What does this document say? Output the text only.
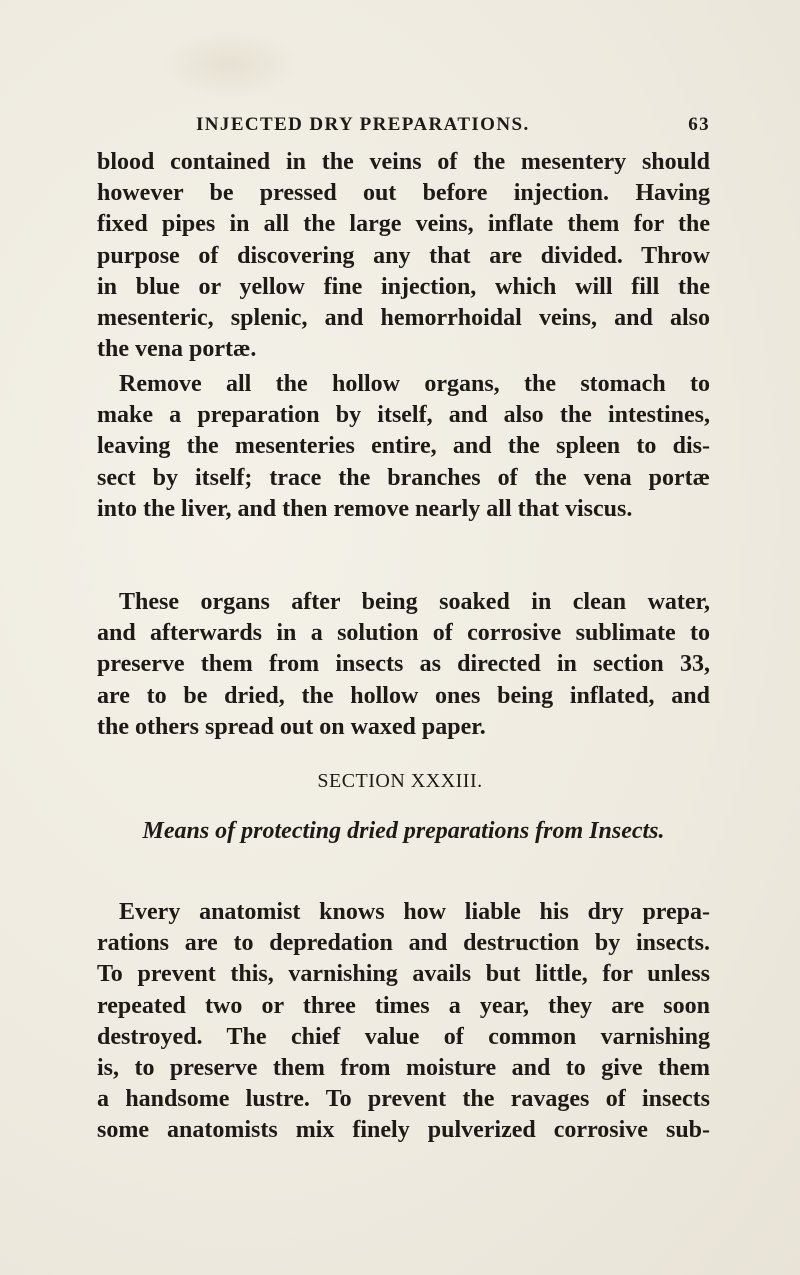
INJECTED DRY PREPARATIONS.	63
blood contained in the veins of the mesentery should
however be pressed out before injection. Having
fixed pipes in all the large veins, inflate them for the
purpose of discovering any that are divided. Throw
in blue or yellow fine injection, which will fill the
mesenteric, splenic, and hemorrhoidal veins, and also
the vena portæ.
Remove all the hollow organs, the stomach to
make a preparation by itself, and also the intestines,
leaving the mesenteries entire, and the spleen to dis-
sect by itself; trace the branches of the vena portæ
into the liver, and then remove nearly all that viscus.
These organs after being soaked in clean water,
and afterwards in a solution of corrosive sublimate to
preserve them from insects as directed in section 33,
are to be dried, the hollow ones being inflated, and
the others spread out on waxed paper.
SECTION XXXIII.
Means of protecting dried preparations from Insects.
Every anatomist knows how liable his dry prepa-
rations are to depredation and destruction by insects.
To prevent this, varnishing avails but little, for unless
repeated two or three times a year, they are soon
destroyed. The chief value of common varnishing
is, to preserve them from moisture and to give them
a handsome lustre. To prevent the ravages of insects
some anatomists mix finely pulverized corrosive sub-
